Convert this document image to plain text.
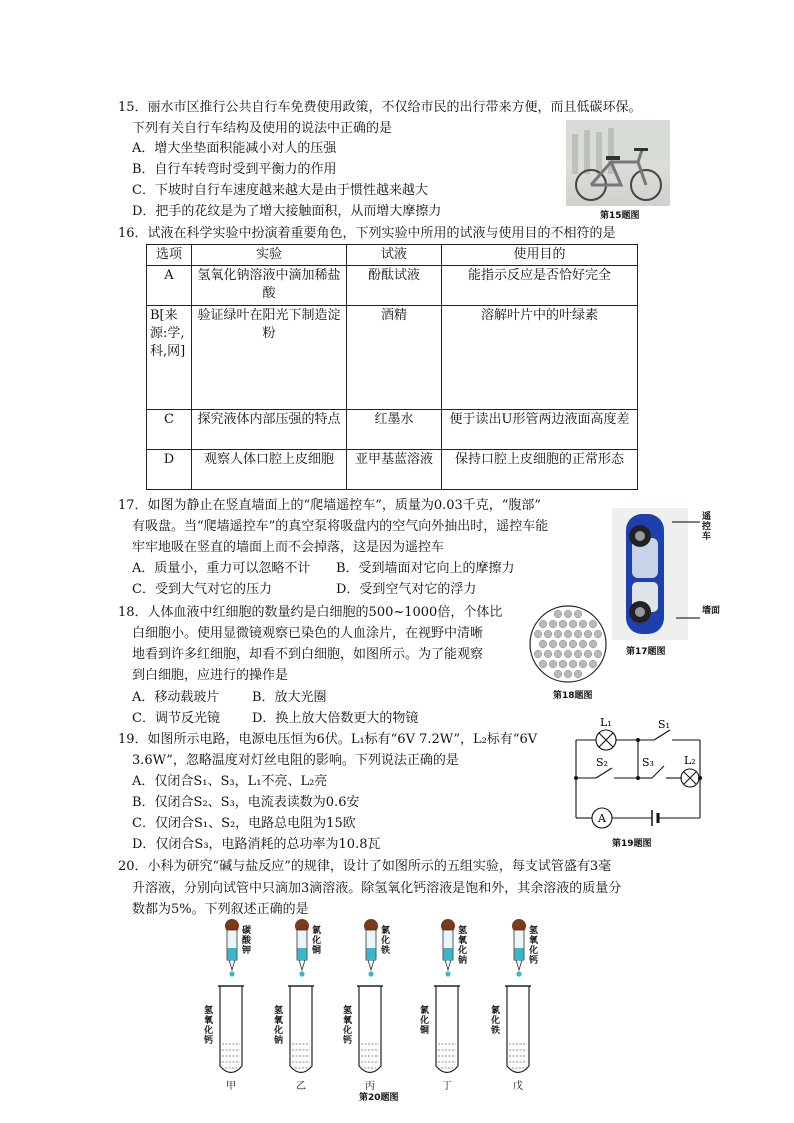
15．丽水市区推行公共自行车免费使用政策，不仅给市民的出行带来方便，而且低碳环保。
下列有关自行车结构及使用的说法中正确的是
A．增大坐垫面积能减小对人的压强
B．自行车转弯时受到平衡力的作用
C．下坡时自行车速度越来越大是由于惯性越来越大
D．把手的花纹是为了增大接触面积，从而增大摩擦力	第15题图
16．试液在科学实验中扮演着重要角色，下列实验中所用的试液与使用目的不相符的是
选项	实验	试液	使用目的
A	氢氧化钠溶液中滴加稀盐酸	酚酞试液	能指示反应是否恰好完全
B[来源:学,科,网]	验证绿叶在阳光下制造淀粉	酒精	溶解叶片中的叶绿素
C	探究液体内部压强的特点	红墨水	便于读出U形管两边液面高度差
D	观察人体口腔上皮细胞	亚甲基蓝溶液	保持口腔上皮细胞的正常形态
17．如图为静止在竖直墙面上的“爬墙遥控车”，质量为0.03千克，“腹部”
有吸盘。当“爬墙遥控车”的真空泵将吸盘内的空气向外抽出时，遥控车能
牢牢地吸在竖直的墙面上而不会掉落，这是因为遥控车
A．质量小，重力可以忽略不计 B．受到墙面对它向上的摩擦力
C．受到大气对它的压力	D．受到空气对它的浮力
遥控车
墙面
第17题图
18．人体血液中红细胞的数量约是白细胞的500~1000倍，个体比
白细胞小。使用显微镜观察已染色的人血涂片，在视野中清晰
地看到许多红细胞，却看不到白细胞，如图所示。为了能观察
到白细胞，应进行的操作是
A．移动载玻片	B．放大光圈
C．调节反光镜 D．换上放大倍数更大的物镜
第18题图
19．如图所示电路，电源电压恒为6伏。L₁标有“6V 7.2W”，L₂标有“6V
3.6W”，忽略温度对灯丝电阻的影响。下列说法正确的是
A．仅闭合S₁、S₃，L₁不亮、L₂亮
B．仅闭合S₂、S₃，电流表读数为0.6安
C．仅闭合S₁、S₂，电路总电阻为15欧
D．仅闭合S₃，电路消耗的总功率为10.8瓦
L₁	S₁
S₂	S₃	L₂
A
第19题图
20．小科为研究“碱与盐反应”的规律，设计了如图所示的五组实验，每支试管盛有3毫
升溶液，分别向试管中只滴加3滴溶液。除氢氧化钙溶液是饱和外，其余溶液的质量分
数都为5%。下列叙述正确的是
碳酸钾
氢氧化钙
甲
氯化铜
氢氧化钠
乙
氯化铁
氢氧化钙
丙
氢氧化钠
氯化铜
丁
氢氧化钙
氯化铁
戊
第20题图
